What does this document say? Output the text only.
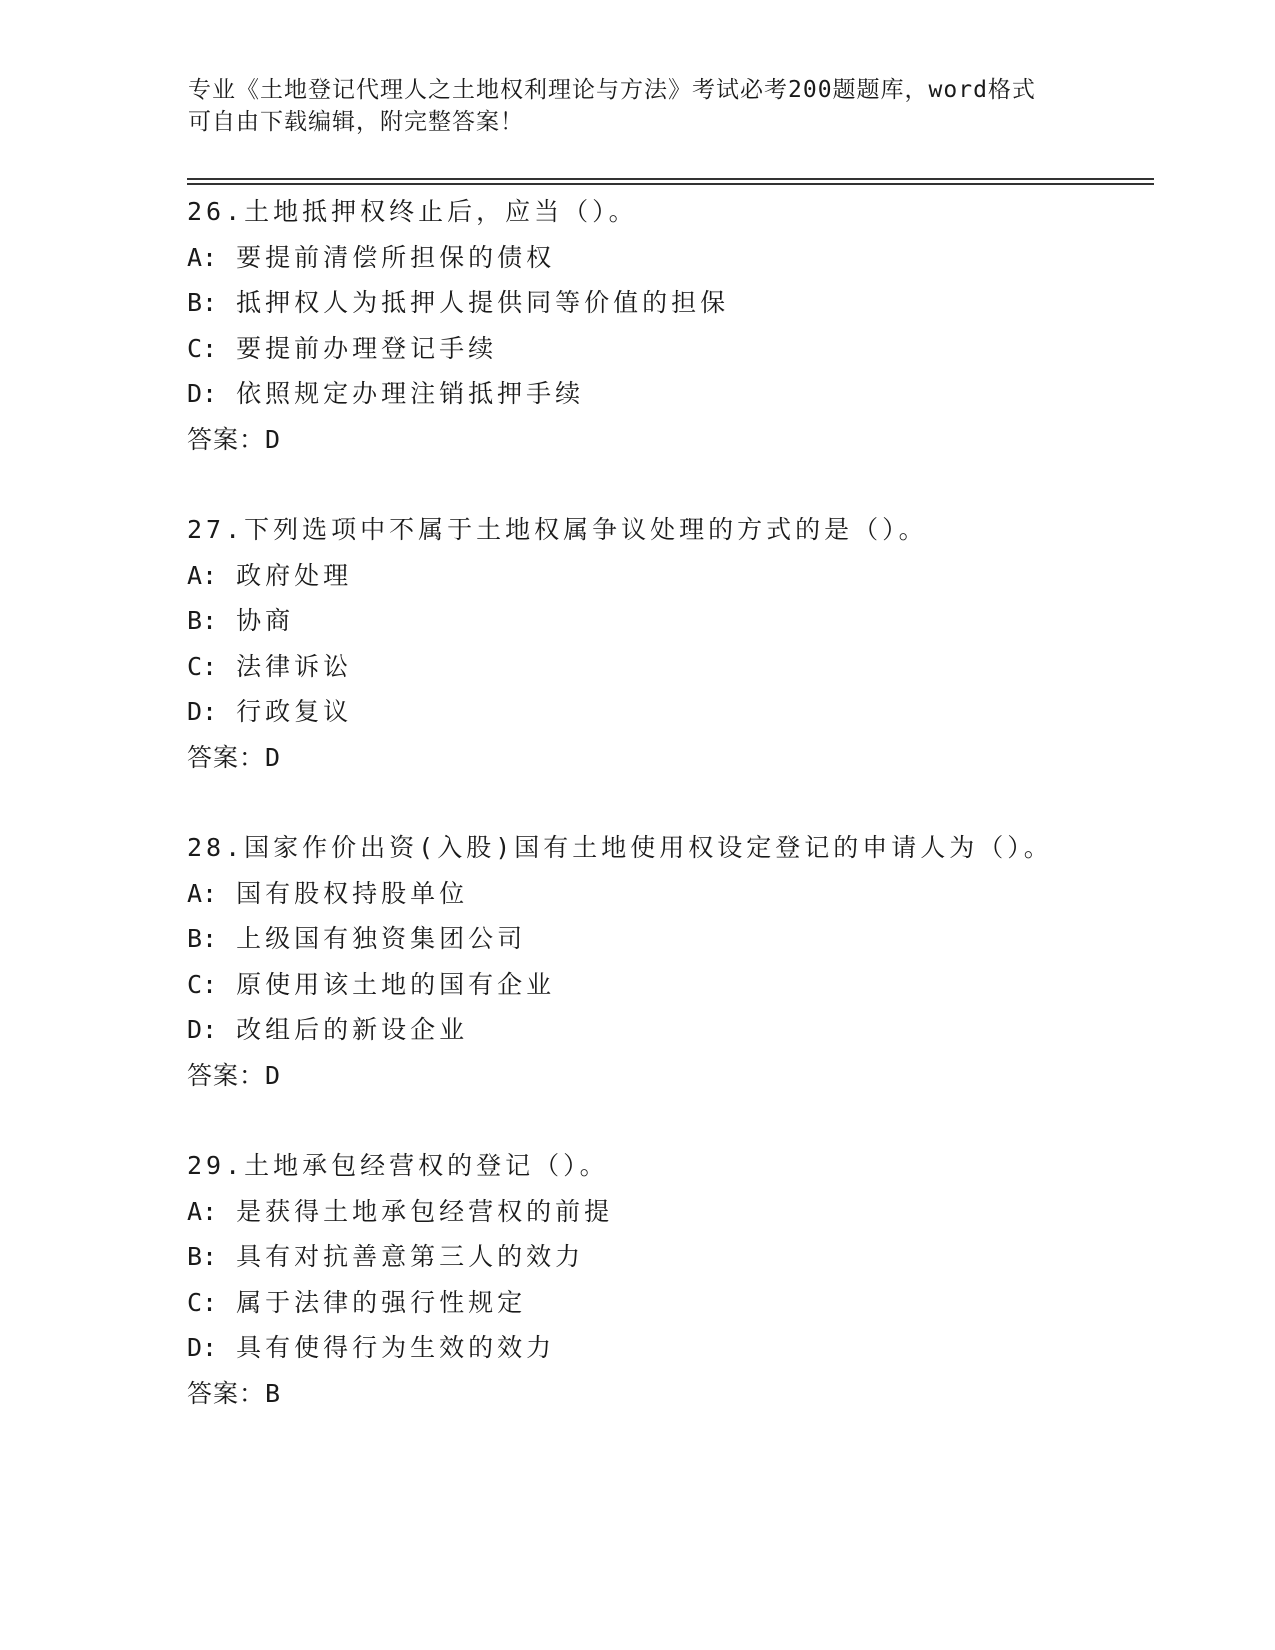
专业《土地登记代理人之土地权利理论与方法》考试必考200题题库，word格式
可自由下载编辑，附完整答案！
26.土地抵押权终止后，应当（）。
A: 要提前清偿所担保的债权
B: 抵押权人为抵押人提供同等价值的担保
C: 要提前办理登记手续
D: 依照规定办理注销抵押手续
答案：D
27.下列选项中不属于土地权属争议处理的方式的是（）。
A: 政府处理
B: 协商
C: 法律诉讼
D: 行政复议
答案：D
28.国家作价出资(入股)国有土地使用权设定登记的申请人为（）。
A: 国有股权持股单位
B: 上级国有独资集团公司
C: 原使用该土地的国有企业
D: 改组后的新设企业
答案：D
29.土地承包经营权的登记（）。
A: 是获得土地承包经营权的前提
B: 具有对抗善意第三人的效力
C: 属于法律的强行性规定
D: 具有使得行为生效的效力
答案：B
